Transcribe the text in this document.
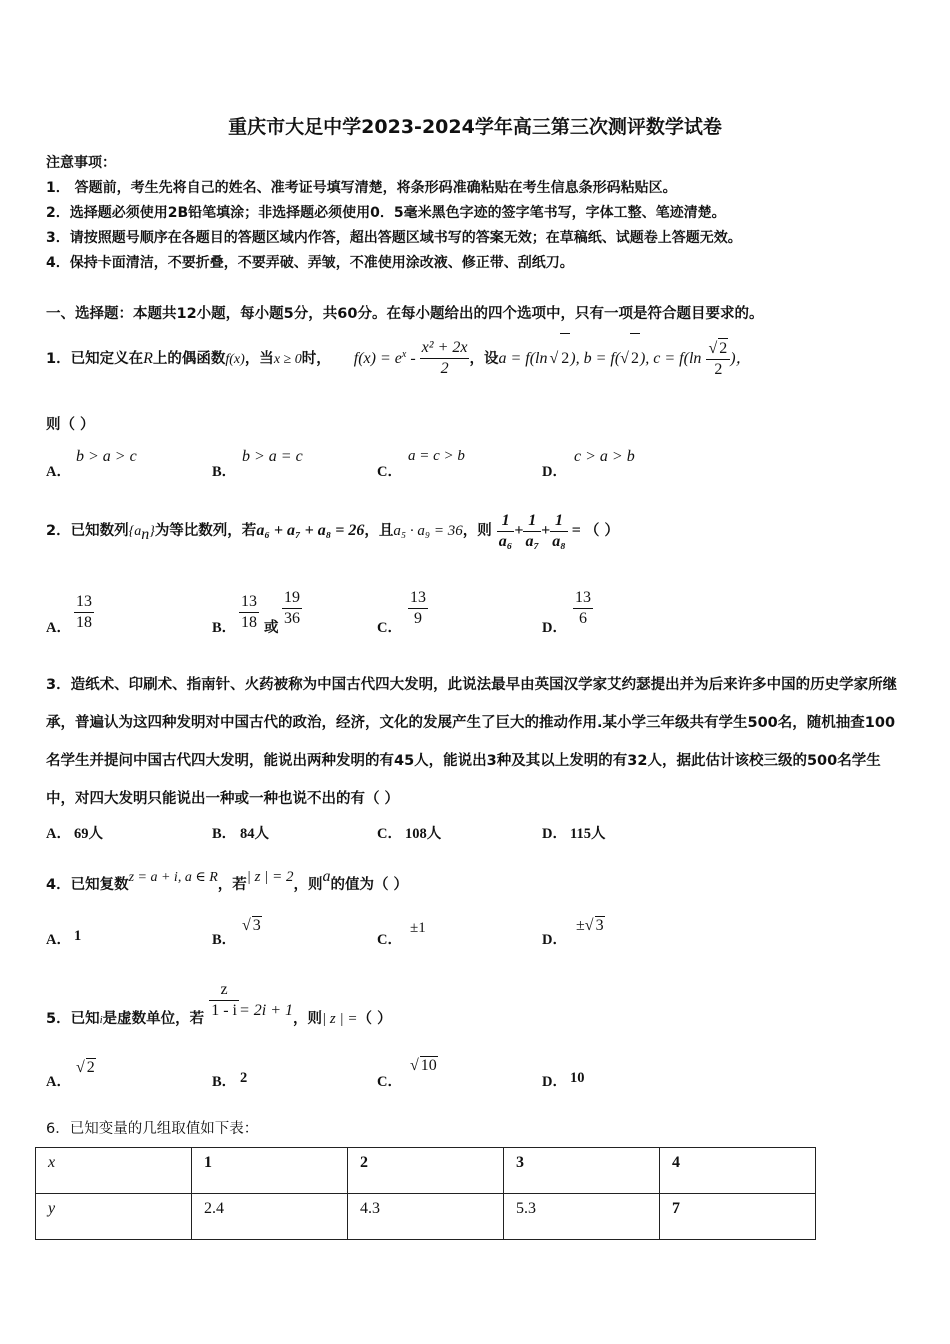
重庆市大足中学2023-2024学年高三第三次测评数学试卷
注意事项：
1． 答题前，考生先将自己的姓名、准考证号填写清楚，将条形码准确粘贴在考生信息条形码粘贴区。
2．选择题必须使用2B铅笔填涂；非选择题必须使用0．5毫米黑色字迹的签字笔书写，字体工整、笔迹清楚。
3．请按照题号顺序在各题目的答题区域内作答，超出答题区域书写的答案无效；在草稿纸、试题卷上答题无效。
4．保持卡面清洁，不要折叠，不要弄破、弄皱，不准使用涂改液、修正带、刮纸刀。
一、选择题：本题共12小题，每小题5分，共60分。在每小题给出的四个选项中，只有一项是符合题目要求的。
1．已知定义在R上的偶函数f(x)，当x ≥ 0时， $f(x) = e^x - \frac{\text{x² + 2x}}{2}$ ，设a = f(ln √ 2), b = f(√ 2), $c = f(\ln \frac{√ 2}{2}$ )，
则（ ）
A．
b > a > c
B．
b > a = c
C．
a = c > b
D．
c > a > b
2．已知数列$\{a_n\}$为等比数列，若a₆ + a₇ + a₈ = 26，且a₅ · a₉ = 36，则 $\frac{1}{\text{a₆}} + \frac{1}{\text{a₇}} + \frac{1}{\text{a₈}}$ = （ ）
A． $\frac{13}{18}$	B． $\frac{13}{18}$ 或 $\frac{19}{36}$	C． $\frac{13}{9}$	D． $\frac{13}{6}$
3．造纸术、印刷术、指南针、火药被称为中国古代四大发明，此说法最早由英国汉学家艾约瑟提出并为后来许多中国的历史学家所继承，普遍认为这四种发明对中国古代的政治，经济，文化的发展产生了巨大的推动作用.某小学三年级共有学生500名，随机抽查100名学生并提问中国古代四大发明，能说出两种发明的有45人，能说出3种及其以上发明的有32人，据此估计该校三级的500名学生中，对四大发明只能说出一种或一种也说不出的有（ ）
A． 69人	B． 84人	C． 108人	D． 115人
4．已知复数z = a + i, a ∈ R，若| z | = 2，则a的值为（ ）
A． 1	B．
√ 3
C．
±1
D．
±√ 3
5．已知i是虚数单位，若 $\frac{z}{1 - i} = 2i + 1$，则| z | =（ ）
A．
√ 2
B． 2	C．
√ 10
D． 10
6．已知变量的几组取值如下表：
x	1	2	3	4
y	2.4	4.3	5.3	7
